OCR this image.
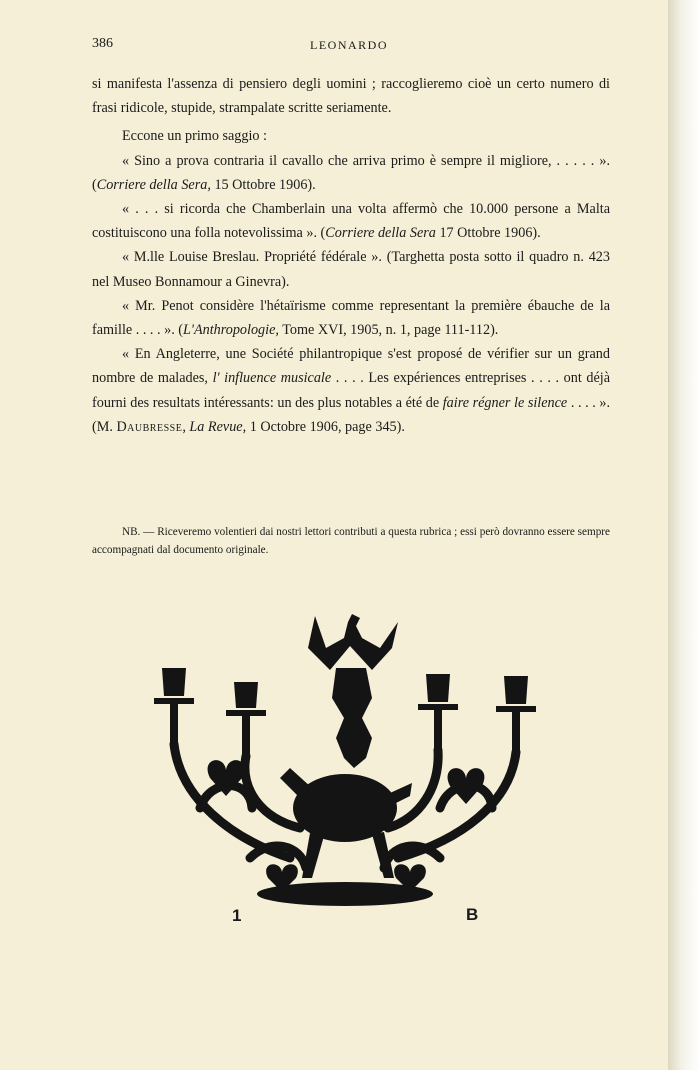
386	LEONARDO

si manifesta l'assenza di pensiero degli uomini ; raccoglieremo cioè un certo numero di frasi ridicole, stupide, strampalate scritte seriamente.

Eccone un primo saggio :

« Sino a prova contraria il cavallo che arriva primo è sempre il migliore, . . . . . ». (Corriere della Sera, 15 Ottobre 1906).

« . . . si ricorda che Chamberlain una volta affermò che 10.000 persone a Malta costituiscono una folla notevolissima ». (Corriere della Sera 17 Ottobre 1906).

« M.lle Louise Breslau. Propriété fédérale ». (Targhetta posta sotto il quadro n. 423 nel Museo Bonnamour a Ginevra).

« Mr. Penot considère l'hétaïrisme comme representant la première ébauche de la famille . . . . ». (L'Anthropologie, Tome XVI, 1905, n. 1, page 111-112).

« En Angleterre, une Société philantropique s'est proposé de vérifier sur un grand nombre de malades, l' influence musicale . . . . Les expériences entreprises . . . . ont déjà fourni des resultats intéressants: un des plus notables a été de faire régner le silence . . . . ». (M. Daubresse, La Revue, 1 Octobre 1906, page 345).

NB. — Riceveremo volentieri dai nostri lettori contributi a questa rubrica ; essi però dovranno essere sempre accompagnati dal documento originale.

1	B
